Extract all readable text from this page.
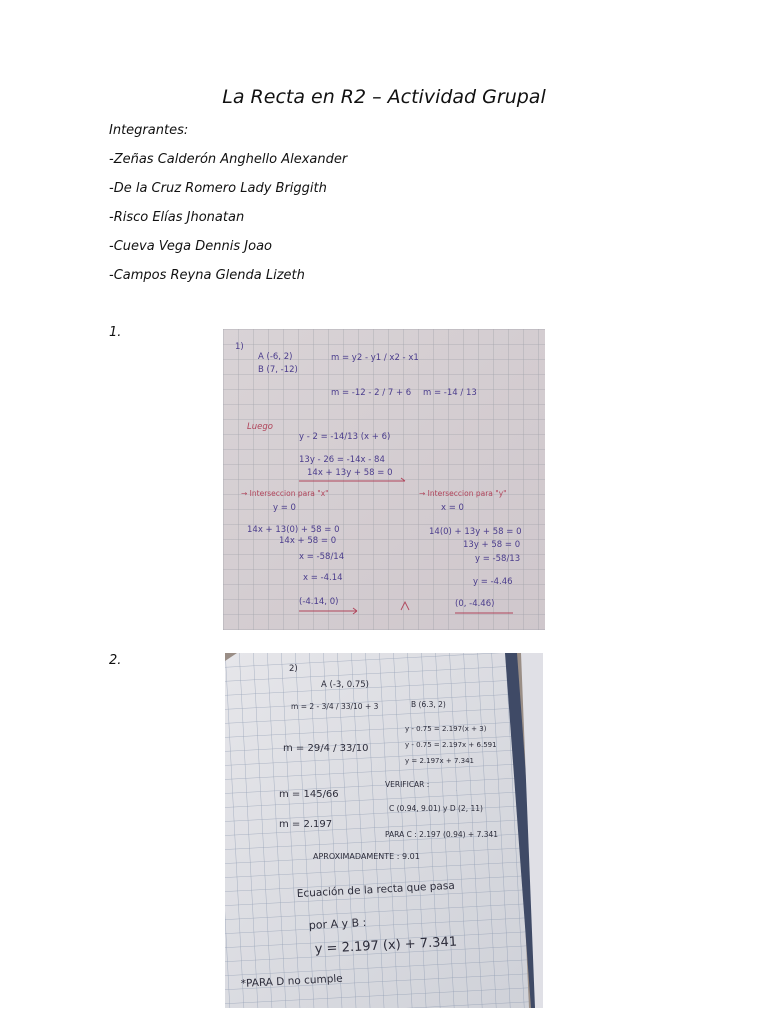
La Recta en R2 – Actividad Grupal
Integrantes:
-Zeñas Calderón Anghello Alexander
-De la Cruz Romero Lady Briggith
-Risco Elías Jhonatan
-Cueva Vega Dennis Joao
-Campos Reyna Glenda Lizeth
1.
2.
1)
A (-6, 2)
B (7, -12)
m = y2 - y1 / x2 - x1
m = -12 - 2 / 7 + 6 m = -14 / 13
Luego
y - 2 = -14/13 (x + 6)
13y - 26 = -14x - 84
14x + 13y + 58 = 0
→ Interseccion para "x"
y = 0
14x + 13(0) + 58 = 0
14x + 58 = 0
x = -58/14
x = -4.14
(-4.14, 0)
→ Interseccion para "y"
x = 0
14(0) + 13y + 58 = 0
13y + 58 = 0
y = -58/13
y = -4.46
(0, -4.46)
2)
A (-3, 0.75)
B (6.3, 2)
m = 2 - 3/4 / 33/10 + 3
y - 0.75 = 2.197(x + 3)
y - 0.75 = 2.197x + 6.591
y = 2.197x + 7.341
m = 29/4 / 33/10
m = 145/66
m = 2.197
VERIFICAR :
C (0.94, 9.01) y D (2, 11)
PARA C : 2.197 (0.94) + 7.341
APROXIMADAMENTE : 9.01
Ecuación de la recta que pasa
por A y B :
y = 2.197 (x) + 7.341
*PARA D no cumple
